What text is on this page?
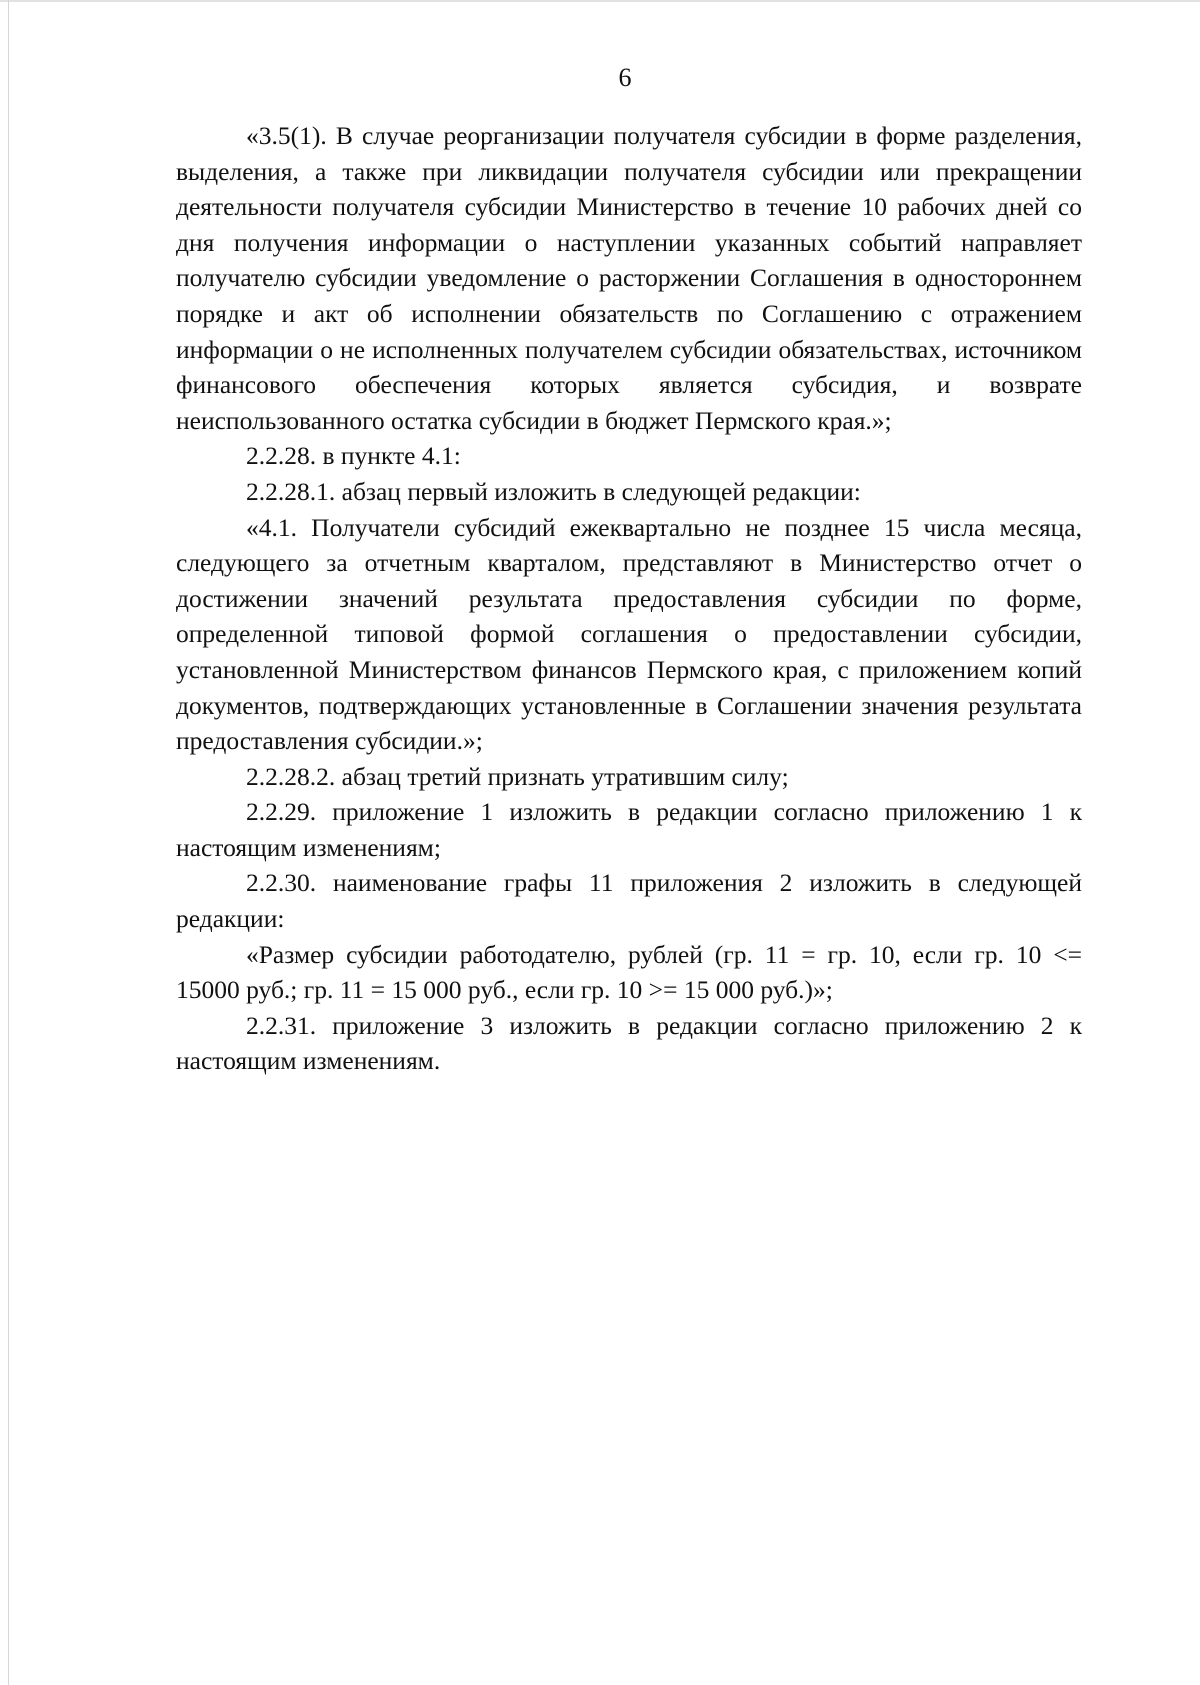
6

«3.5(1). В случае реорганизации получателя субсидии в форме разделения, выделения, а также при ликвидации получателя субсидии или прекращении деятельности получателя субсидии Министерство в течение 10 рабочих дней со дня получения информации о наступлении указанных событий направляет получателю субсидии уведомление о расторжении Соглашения в одностороннем порядке и акт об исполнении обязательств по Соглашению с отражением информации о не исполненных получателем субсидии обязательствах, источником финансового обеспечения которых является субсидия, и возврате неиспользованного остатка субсидии в бюджет Пермского края.»;

2.2.28. в пункте 4.1:

2.2.28.1. абзац первый изложить в следующей редакции:

«4.1. Получатели субсидий ежеквартально не позднее 15 числа месяца, следующего за отчетным кварталом, представляют в Министерство отчет о достижении значений результата предоставления субсидии по форме, определенной типовой формой соглашения о предоставлении субсидии, установленной Министерством финансов Пермского края, с приложением копий документов, подтверждающих установленные в Соглашении значения результата предоставления субсидии.»;

2.2.28.2. абзац третий признать утратившим силу;

2.2.29. приложение 1 изложить в редакции согласно приложению 1 к настоящим изменениям;

2.2.30. наименование графы 11 приложения 2 изложить в следующей редакции:

«Размер субсидии работодателю, рублей (гр. 11 = гр. 10, если гр. 10 <= 15000 руб.; гр. 11 = 15 000 руб., если гр. 10 >= 15 000 руб.)»;

2.2.31. приложение 3 изложить в редакции согласно приложению 2 к настоящим изменениям.
